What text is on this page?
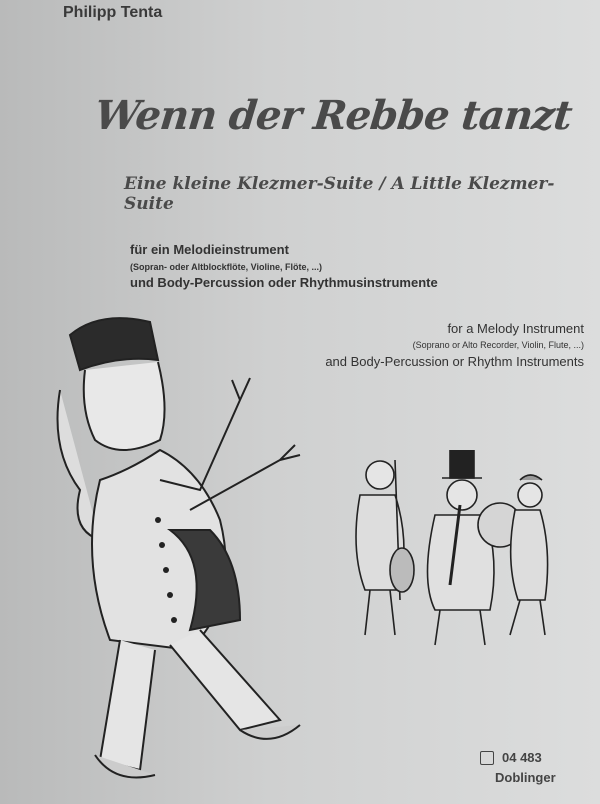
Philipp Tenta
Wenn der Rebbe tanzt
Eine kleine Klezmer-Suite / A Little Klezmer-Suite
für ein Melodieinstrument
(Sopran- oder Altblockflöte, Violine, Flöte, ...)
und Body-Percussion oder Rhythmusinstrumente
for a Melody Instrument
(Soprano or Alto Recorder, Violin, Flute, ...)
and Body-Percussion or Rhythm Instruments
04 483
Doblinger
